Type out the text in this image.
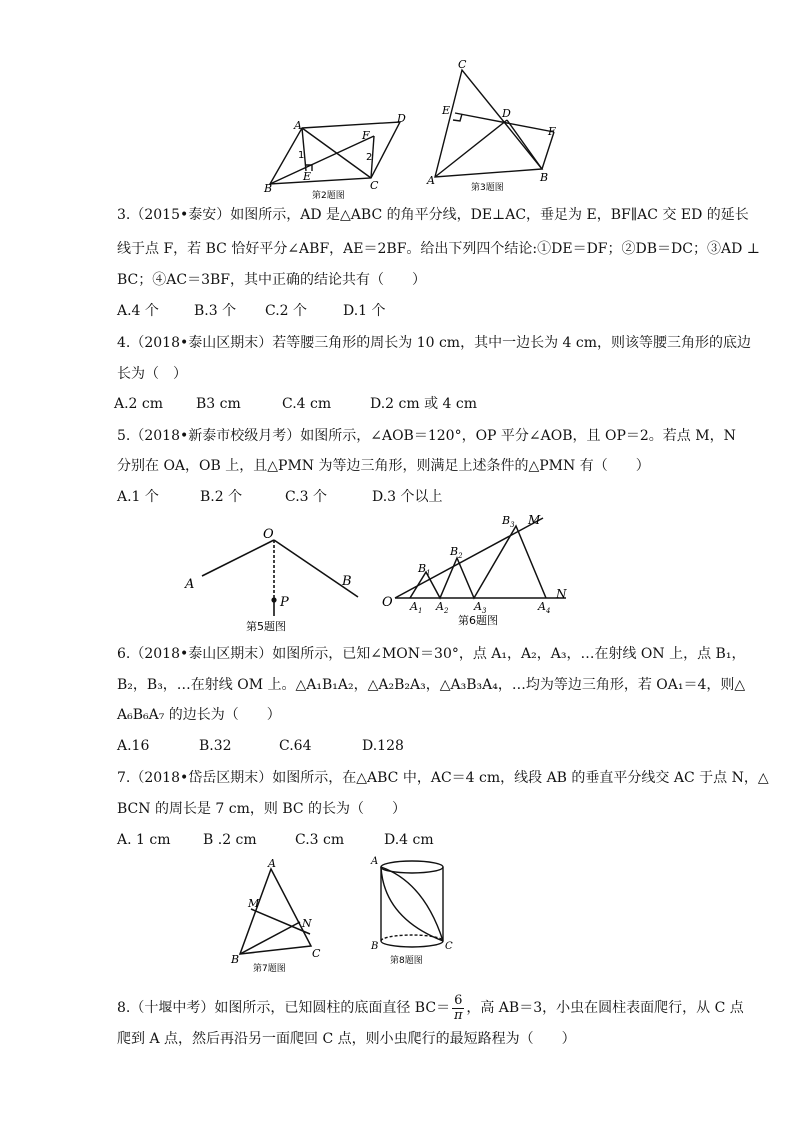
A
D
B	C
E
F
1	2
第2题图
C
E	D
F
A	B
第3题图
3.（2015•泰安）如图所示，AD 是△ABC 的角平分线，DE⊥AC，垂足为 E，BF∥AC 交 ED 的延长
线于点 F，若 BC 恰好平分∠ABF，AE＝2BF。给出下列四个结论:①DE＝DF；②DB＝DC；③AD ⊥
BC；④AC＝3BF，其中正确的结论共有（　　）
A.4 个	B.3 个 C.2 个	D.1 个
4.（2018•泰山区期末）若等腰三角形的周长为 10 cm，其中一边长为 4 cm，则该等腰三角形的底边
长为（　）
A.2 cm B3 cm	C.4 cm	D.2 cm 或 4 cm
5.（2018•新泰市校级月考）如图所示，∠AOB＝120°，OP 平分∠AOB，且 OP＝2。若点 M，N
分别在 OA，OB 上，且△PMN 为等边三角形，则满足上述条件的△PMN 有（　　）
A.1 个	B.2 个	C.3 个	D.3 个以上
O
A	B
P
第5题图
O
N
M
$A_1$ $A_2$ $A_3$	$A_4$
$B_1$
$B_2$
$B_3$
第6题图
6.（2018•泰山区期末）如图所示，已知∠MON＝30°，点 A₁，A₂，A₃，…在射线 ON 上，点 B₁，
B₂，B₃，…在射线 OM 上。△A₁B₁A₂，△A₂B₂A₃，△A₃B₃A₄，…均为等边三角形，若 OA₁＝4，则△
A₆B₆A₇ 的边长为（　　）
A.16	B.32	C.64	D.128
7.（2018•岱岳区期末）如图所示，在△ABC 中，AC＝4 cm，线段 AB 的垂直平分线交 AC 于点 N，△
BCN 的周长是 7 cm，则 BC 的长为（　　）
A. 1 cm B .2 cm	C.3 cm	D.4 cm
A
M
N
B	C
第7题图
A
B	C
第8题图
8.（十堰中考）如图所示，已知圆柱的底面直径 $BC= \frac{6}{\pi}$ ，高 AB＝3，小虫在圆柱表面爬行，从 C 点
爬到 A 点，然后再沿另一面爬回 C 点，则小虫爬行的最短路程为（　　）
